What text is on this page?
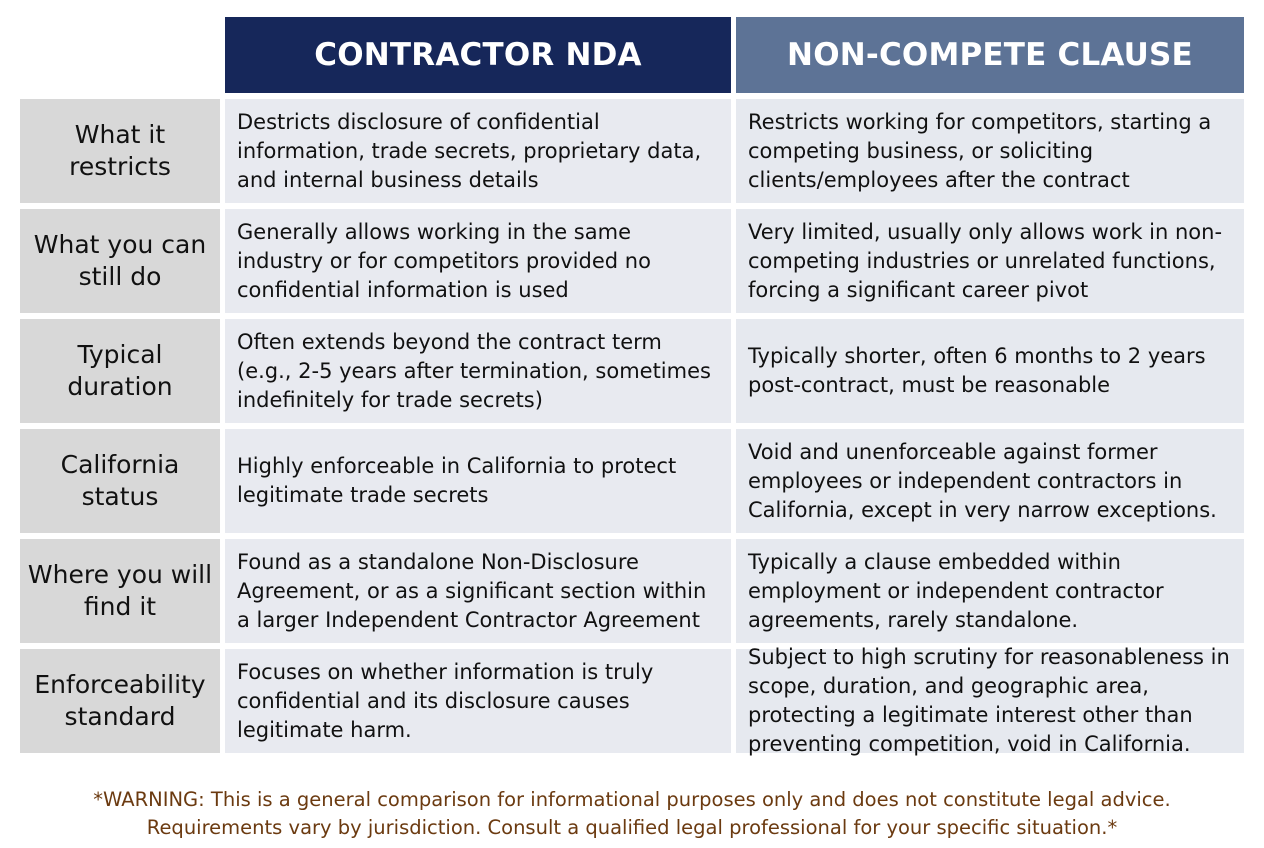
CONTRACTOR NDA	NON-COMPETE CLAUSE
What it restricts
Destricts disclosure of confidential information, trade secrets, proprietary data, and internal business details
Restricts working for competitors, starting a competing business, or soliciting clients/employees after the contract
What you can still do
Generally allows working in the same industry or for competitors provided no confidential information is used
Very limited, usually only allows work in non-competing industries or unrelated functions, forcing a significant career pivot
Typical duration
Often extends beyond the contract term (e.g., 2-5 years after termination, sometimes indefinitely for trade secrets)
Typically shorter, often 6 months to 2 years post-contract, must be reasonable
California status
Highly enforceable in California to protect legitimate trade secrets
Void and unenforceable against former employees or independent contractors in California, except in very narrow exceptions.
Where you will find it
Found as a standalone Non-Disclosure Agreement, or as a significant section within a larger Independent Contractor Agreement
Typically a clause embedded within employment or independent contractor agreements, rarely standalone.
Enforceability standard
Focuses on whether information is truly confidential and its disclosure causes legitimate harm.
Subject to high scrutiny for reasonableness in scope, duration, and geographic area, protecting a legitimate interest other than preventing competition, void in California.
*WARNING: This is a general comparison for informational purposes only and does not constitute legal advice.
Requirements vary by jurisdiction. Consult a qualified legal professional for your specific situation.*
